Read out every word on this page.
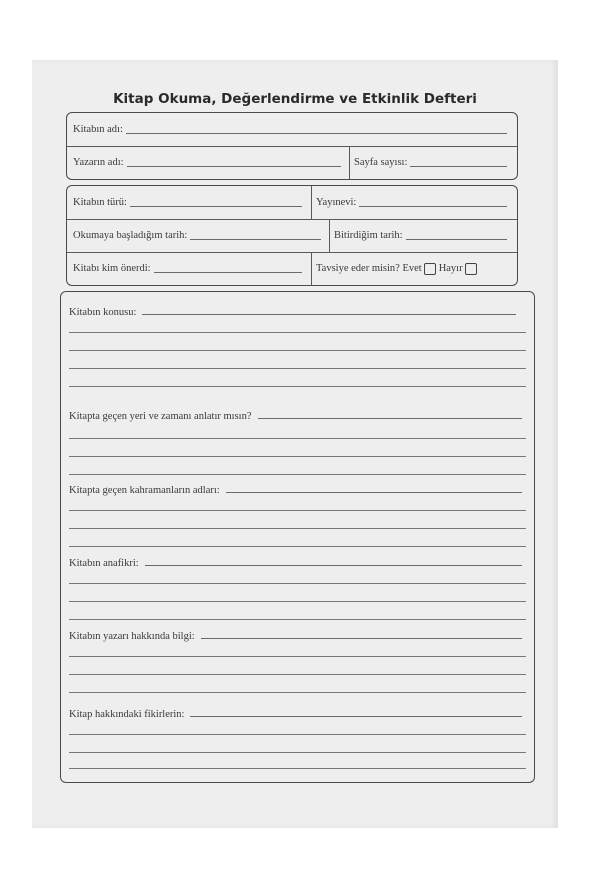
Kitap Okuma, Değerlendirme ve Etkinlik Defteri
Kitabın adı:
Yazarın adı:	Sayfa sayısı:
Kitabın türü:	Yayınevi:
Okumaya başladığım tarih:	Bitirdiğim tarih:
Kitabı kim önerdi:	Tavsiye eder misin? Evet Hayır
Kitabın konusu:
Kitapta geçen yeri ve zamanı anlatır mısın?
Kitapta geçen kahramanların adları:
Kitabın anafikri:
Kitabın yazarı hakkında bilgi:
Kitap hakkındaki fikirlerin:
